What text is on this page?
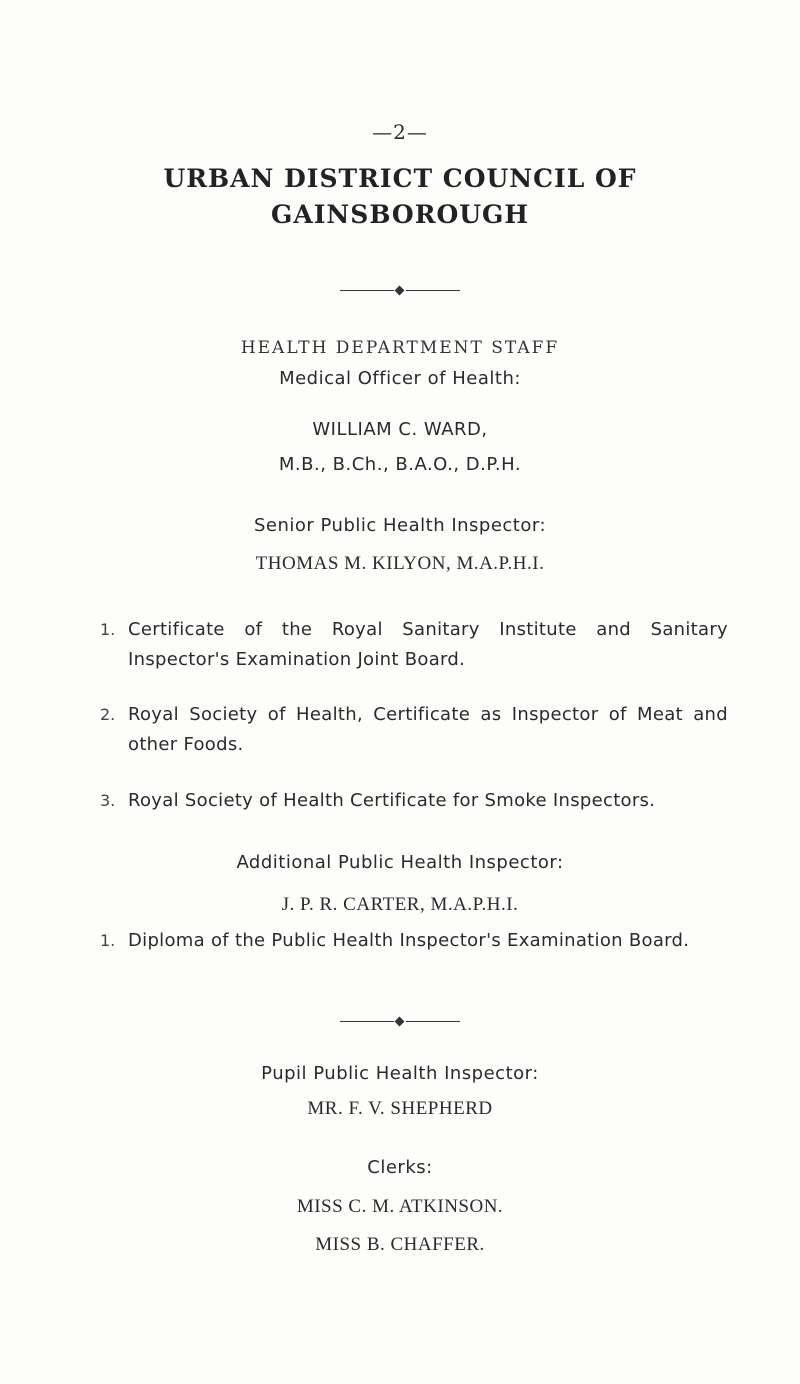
—2—
URBAN DISTRICT COUNCIL OF
GAINSBOROUGH
HEALTH DEPARTMENT STAFF
Medical Officer of Health:
WILLIAM C. WARD,
M.B., B.Ch., B.A.O., D.P.H.
Senior Public Health Inspector:
THOMAS M. KILYON, M.A.P.H.I.
1. Certificate of the Royal Sanitary Institute and Sanitary Inspector's Examination Joint Board.
2. Royal Society of Health, Certificate as Inspector of Meat and other Foods.
3. Royal Society of Health Certificate for Smoke Inspectors.
Additional Public Health Inspector:
J. P. R. CARTER, M.A.P.H.I.
1. Diploma of the Public Health Inspector's Examination Board.
Pupil Public Health Inspector:
MR. F. V. SHEPHERD
Clerks:
MISS C. M. ATKINSON.
MISS B. CHAFFER.
